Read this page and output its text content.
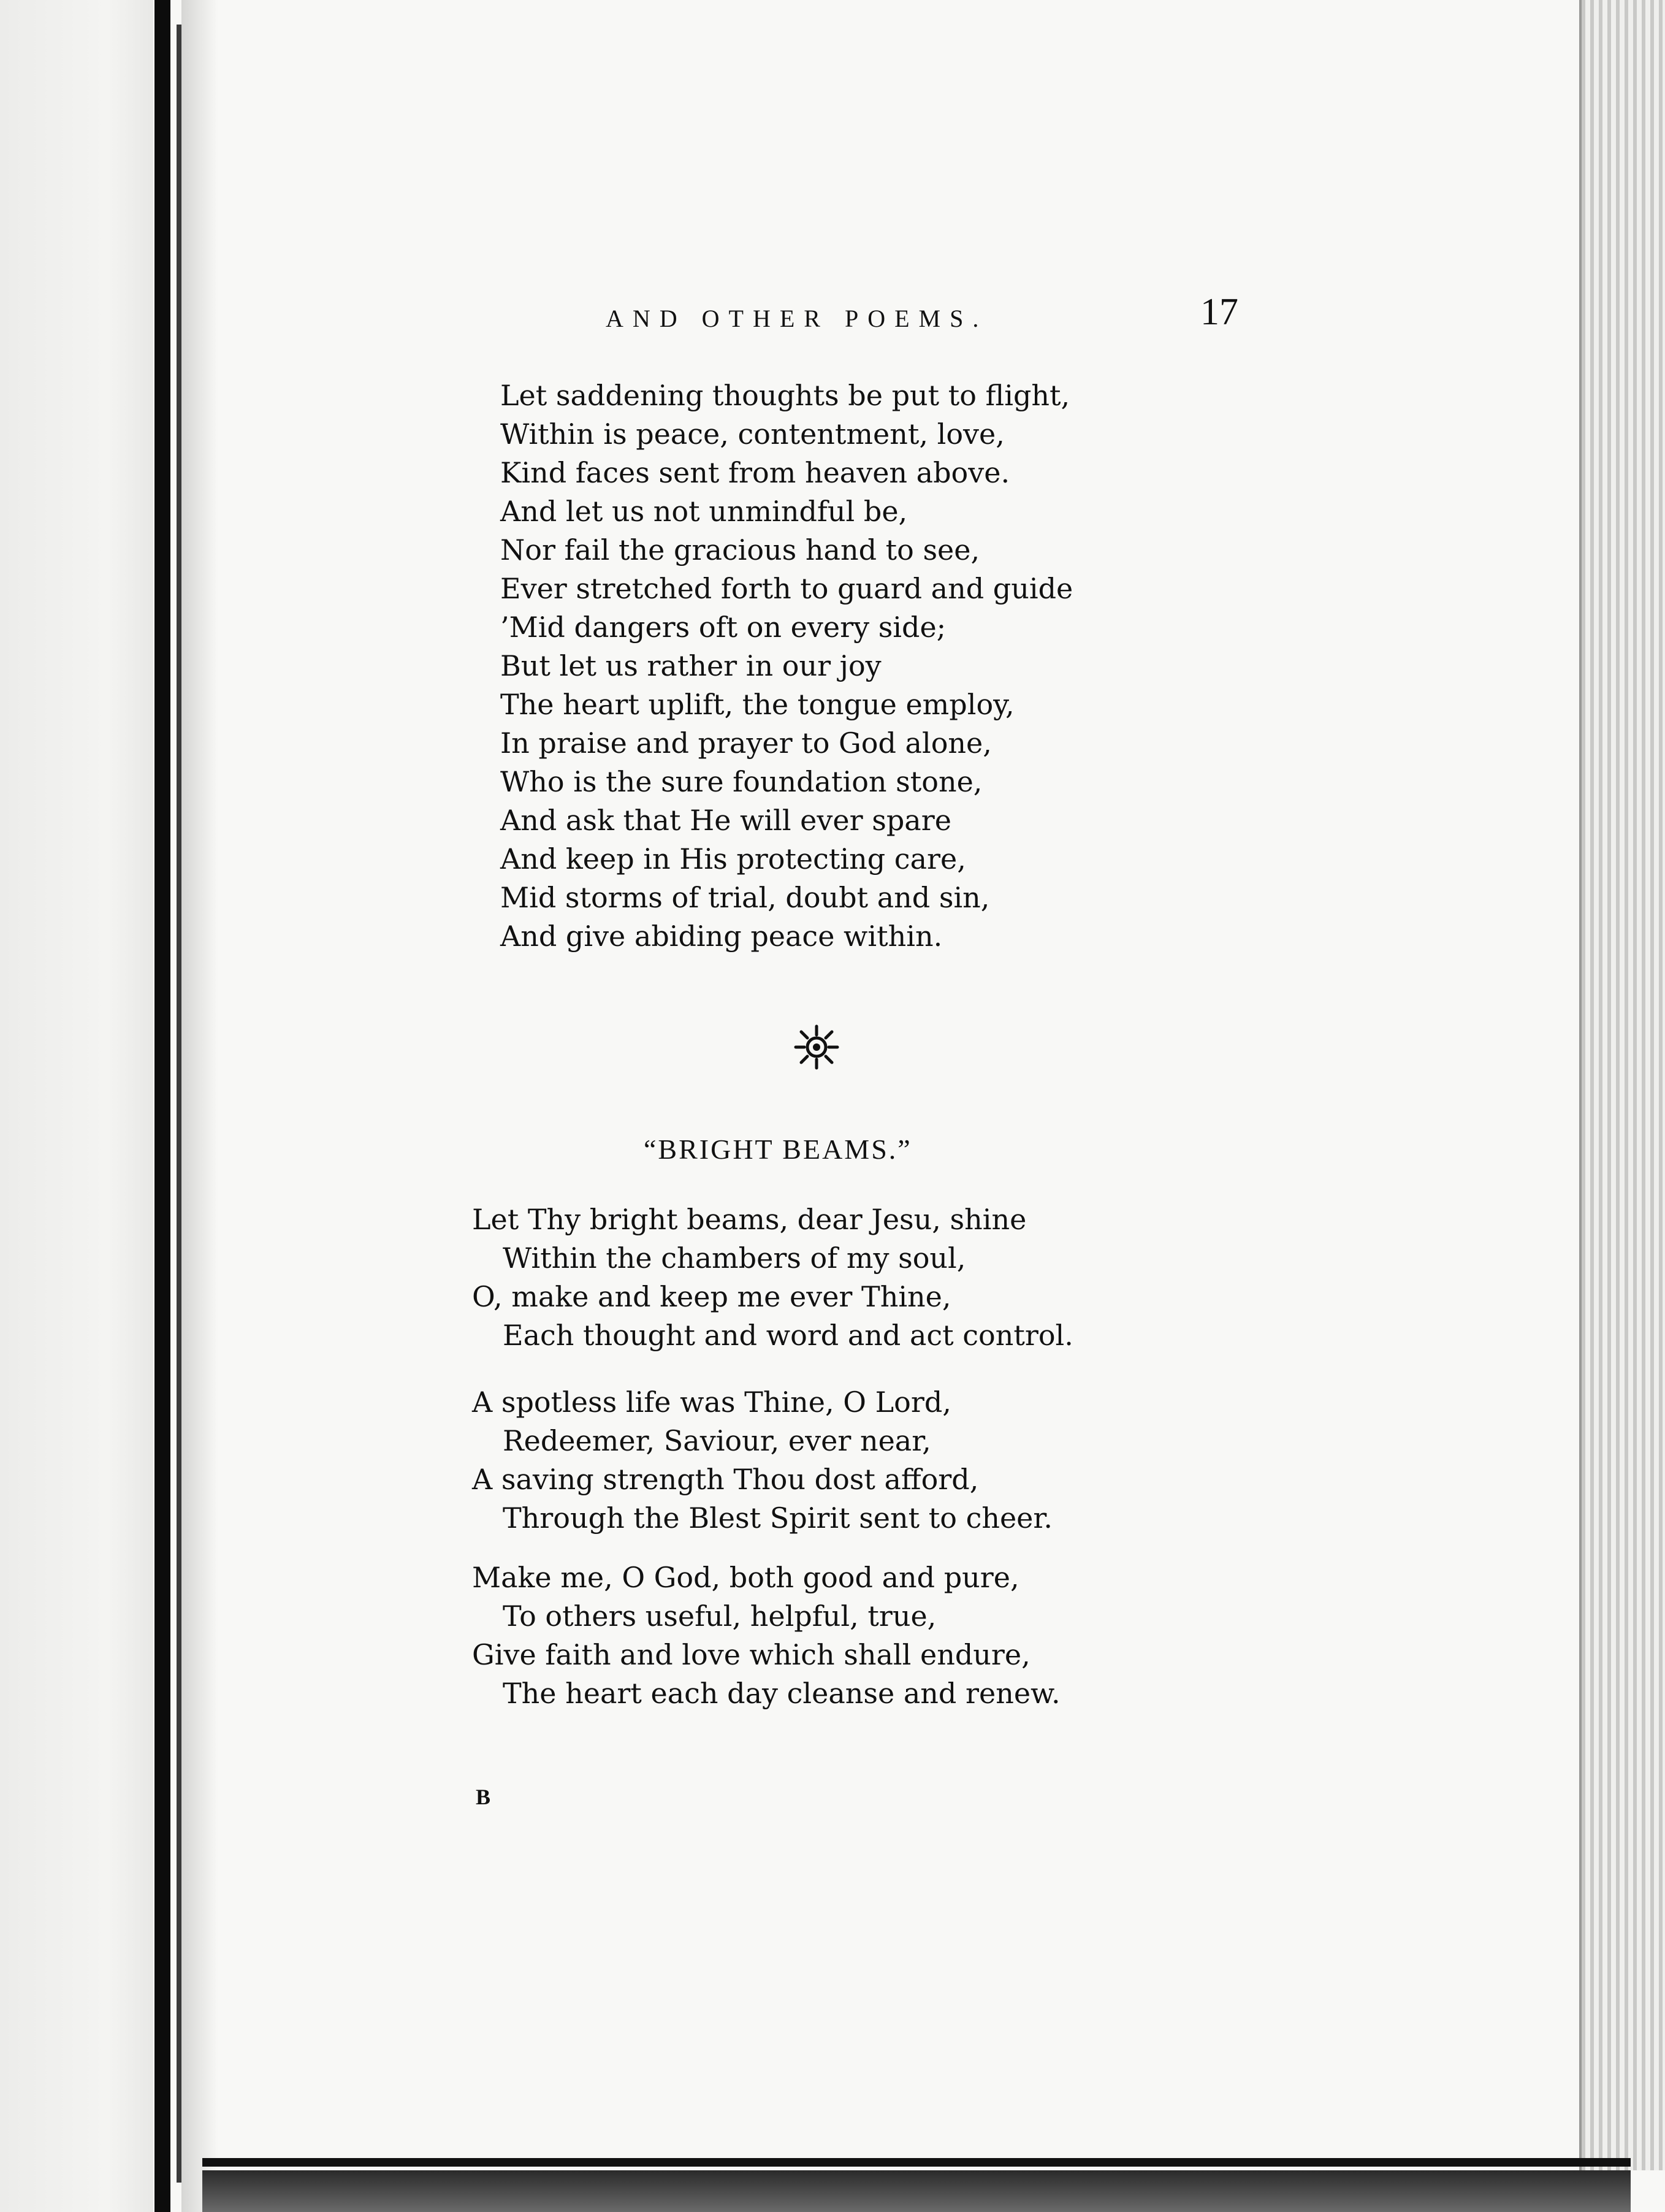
AND OTHER POEMS.	17
Let saddening thoughts be put to flight,
Within is peace, contentment, love,
Kind faces sent from heaven above.
And let us not unmindful be,
Nor fail the gracious hand to see,
Ever stretched forth to guard and guide
’Mid dangers oft on every side;
But let us rather in our joy
The heart uplift, the tongue employ,
In praise and prayer to God alone,
Who is the sure foundation stone,
And ask that He will ever spare
And keep in His protecting care,
Mid storms of trial, doubt and sin,
And give abiding peace within.
“BRIGHT BEAMS.”
Let Thy bright beams, dear Jesu, shine
Within the chambers of my soul,
O, make and keep me ever Thine,
Each thought and word and act control.
A spotless life was Thine, O Lord,
Redeemer, Saviour, ever near,
A saving strength Thou dost afford,
Through the Blest Spirit sent to cheer.
Make me, O God, both good and pure,
To others useful, helpful, true,
Give faith and love which shall endure,
The heart each day cleanse and renew.
B
